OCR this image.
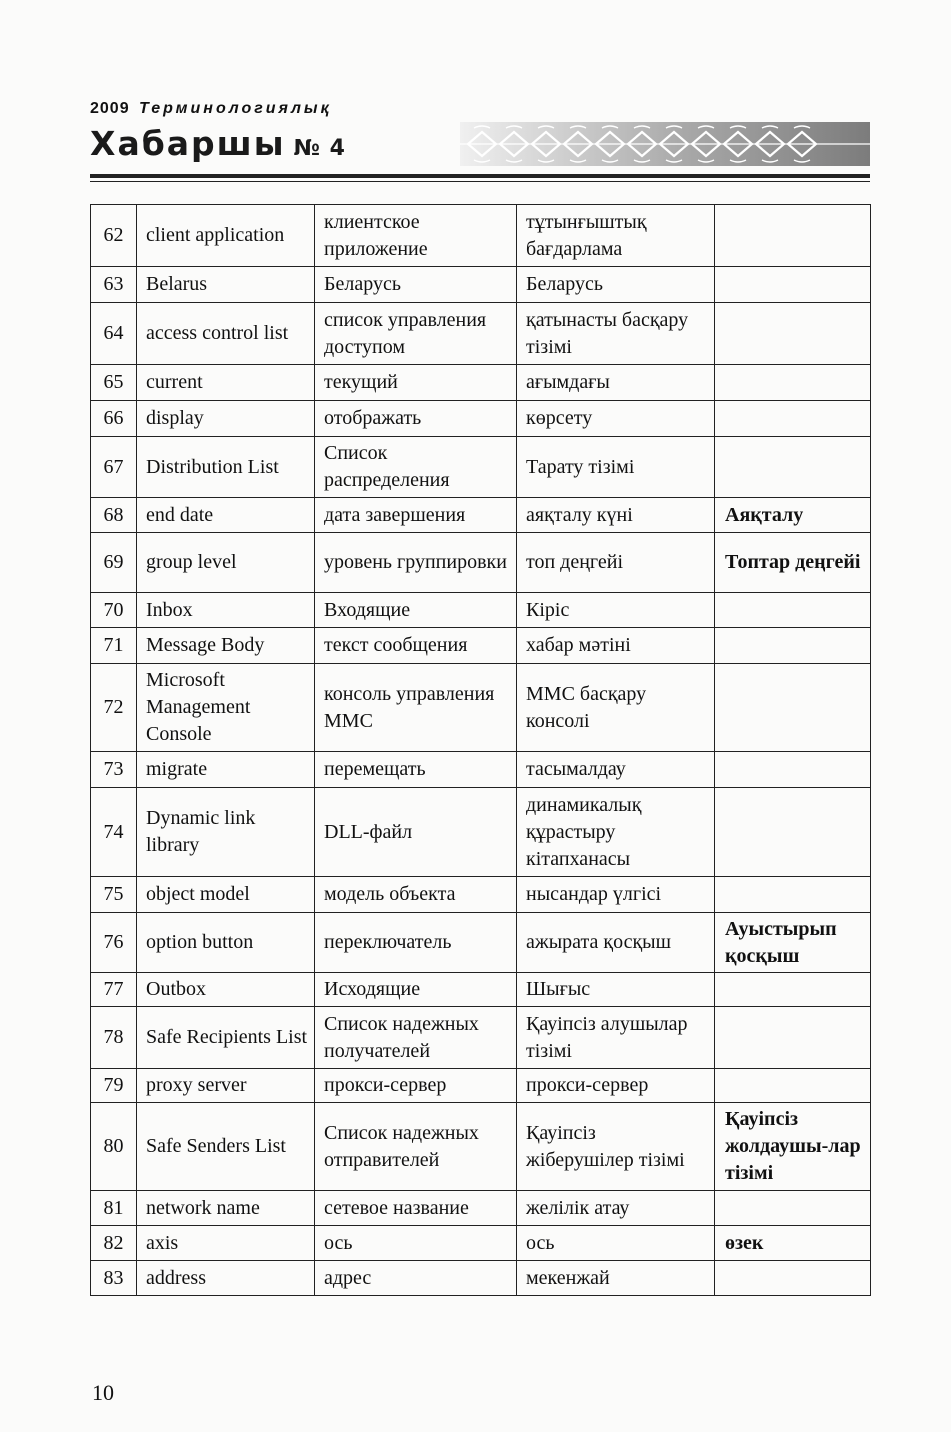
2009 Терминологиялық
Хабаршы № 4
62	client application	клиентское приложение	тұтынғыштық бағдарлама	
63	Belarus	Беларусь	Беларусь	
64	access control list	список управления доступом	қатынасты басқару тізімі	
65	current	текущий	ағымдағы	
66	display	отображать	көрсету	
67	Distribution List	Список распределения	Тарату тізімі	
68	end date	дата завершения	аяқталу күні	Аяқталу
69	group level	уровень группировки	топ деңгейі	Топтар деңгейі
70	Inbox	Входящие	Кіріс	
71	Message Body	текст сообщения	хабар мәтіні	
72	Microsoft Management Console	консоль управления MMC	MMC басқару консолі	
73	migrate	перемещать	тасымалдау	
74	Dynamic link library	DLL-файл	динамикалық құрастыру кітапханасы	
75	object model	модель объекта	нысандар үлгісі	
76	option button	переключатель	ажырата қосқыш	Ауыстырып қосқыш
77	Outbox	Исходящие	Шығыс	
78	Safe Recipients List	Список надежных получателей	Қауіпсіз алушылар тізімі	
79	proxy server	прокси-сервер	прокси-сервер	
80	Safe Senders List	Список надежных отправителей	Қауіпсіз жіберушілер тізімі	Қауіпсіз жолдаушы-лар тізімі
81	network name	сетевое название	желілік атау	
82	axis	ось	ось	өзек
83	address	адрес	мекенжай	
10
